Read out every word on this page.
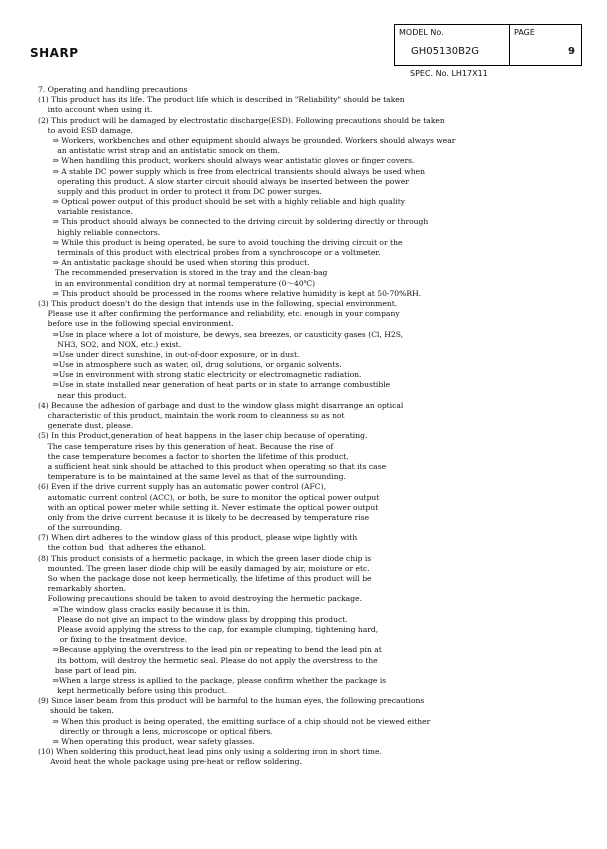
SHARP
MODEL No.
GH05130B2G

PAGE
9
SPEC. No. LH17X11
7. Operating and handling precautions
(1) This product has its life. The product life which is described in "Reliability" should be taken
into account when using it.
(2) This product will be damaged by electrostatic discharge(ESD). Following precautions should be taken
to avoid ESD damage.
⇒ Workers, workbenches and other equipment should always be grounded. Workers should always wear
an antistatic wrist strap and an antistatic smock on them.
⇒ When handling this product, workers should always wear antistatic gloves or finger covers.
⇒ A stable DC power supply which is free from electrical transients should always be used when
operating this product. A slow starter circuit should always be inserted between the power
supply and this product in order to protect it from DC power surges.
⇒ Optical power output of this product should be set with a highly reliable and high quality
variable resistance.
⇒ This product should always be connected to the driving circuit by soldering directly or through
highly reliable connectors.
⇒ While this product is being operated, be sure to avoid touching the driving circuit or the
terminals of this product with electrical probes from a synchroscope or a voltmeter.
⇒ An antistatic package should be used when storing this product.
The recommended preservation is stored in the tray and the clean-bag
in an environmental condition dry at normal temperature (0～40℃)
⇒ This product should be processed in the rooms where relative humidity is kept at 50-70%RH.
(3) This product doesn't do the design that intends use in the following, special environment.
Please use it after confirming the performance and reliability, etc. enough in your company
before use in the following special environment.
⇒Use in place where a lot of moisture, be dewys, sea breezes, or causticity gases (Cl, H2S,
NH3, SO2, and NOX, etc.) exist.
⇒Use under direct sunshine, in out-of-door exposure, or in dust.
⇒Use in atmosphere such as water, oil, drug solutions, or organic solvents.
⇒Use in environment with strong static electricity or electromagnetic radiation.
⇒Use in state installed near generation of heat parts or in state to arrange combustible
near this product.
(4) Because the adhesion of garbage and dust to the window glass might disarrange an optical
characteristic of this product, maintain the work room to cleanness so as not
generate dust, please.
(5) In this Product,generation of heat happens in the laser chip because of operating.
The case temperature rises by this generation of heat. Because the rise of
the case temperature becomes a factor to shorten the lifetime of this product,
a sufficient heat sink should be attached to this product when operating so that its case
temperature is to be maintained at the same level as that of the surrounding.
(6) Even if the drive current supply has an automatic power control (AFC),
automatic current control (ACC), or both, be sure to monitor the optical power output
with an optical power meter while setting it. Never estimate the optical power output
only from the drive current because it is likely to be decreased by temperature rise
of the surrounding.
(7) When dirt adheres to the window glass of this product, please wipe lightly with
the cotton bud  that adheres the ethanol.
(8) This product consists of a hermetic package, in which the green laser diode chip is
mounted. The green laser diode chip will be easily damaged by air, moisture or etc.
So when the package dose not keep hermetically, the lifetime of this product will be
remarkably shorten.
Following precautions should be taken to avoid destroying the hermetic package.
⇒The window glass cracks easily because it is thin.
Please do not give an impact to the window glass by dropping this product.
Please avoid applying the stress to the cap, for example clumping, tightening hard,
or fixing to the treatment device.
⇒Because applying the overstress to the lead pin or repeating to bend the lead pin at
its bottom, will destroy the hermetic seal. Please do not apply the overstress to the
base part of lead pin.
⇒When a large stress is apllied to the package, please confirm whether the package is
kept hermetically before using this product.
(9) Since laser beam from this product will be harmful to the human eyes, the following precautions
should be taken.
⇒ When this product is being operated, the emitting surface of a chip should not be viewed either
directly or through a lens, microscope or optical fibers.
⇒ When operating this product, wear safety glasses.
(10) When soldering this product,heat lead pins only using a soldering iron in short time.
Avoid heat the whole package using pre-heat or reflow soldering.
